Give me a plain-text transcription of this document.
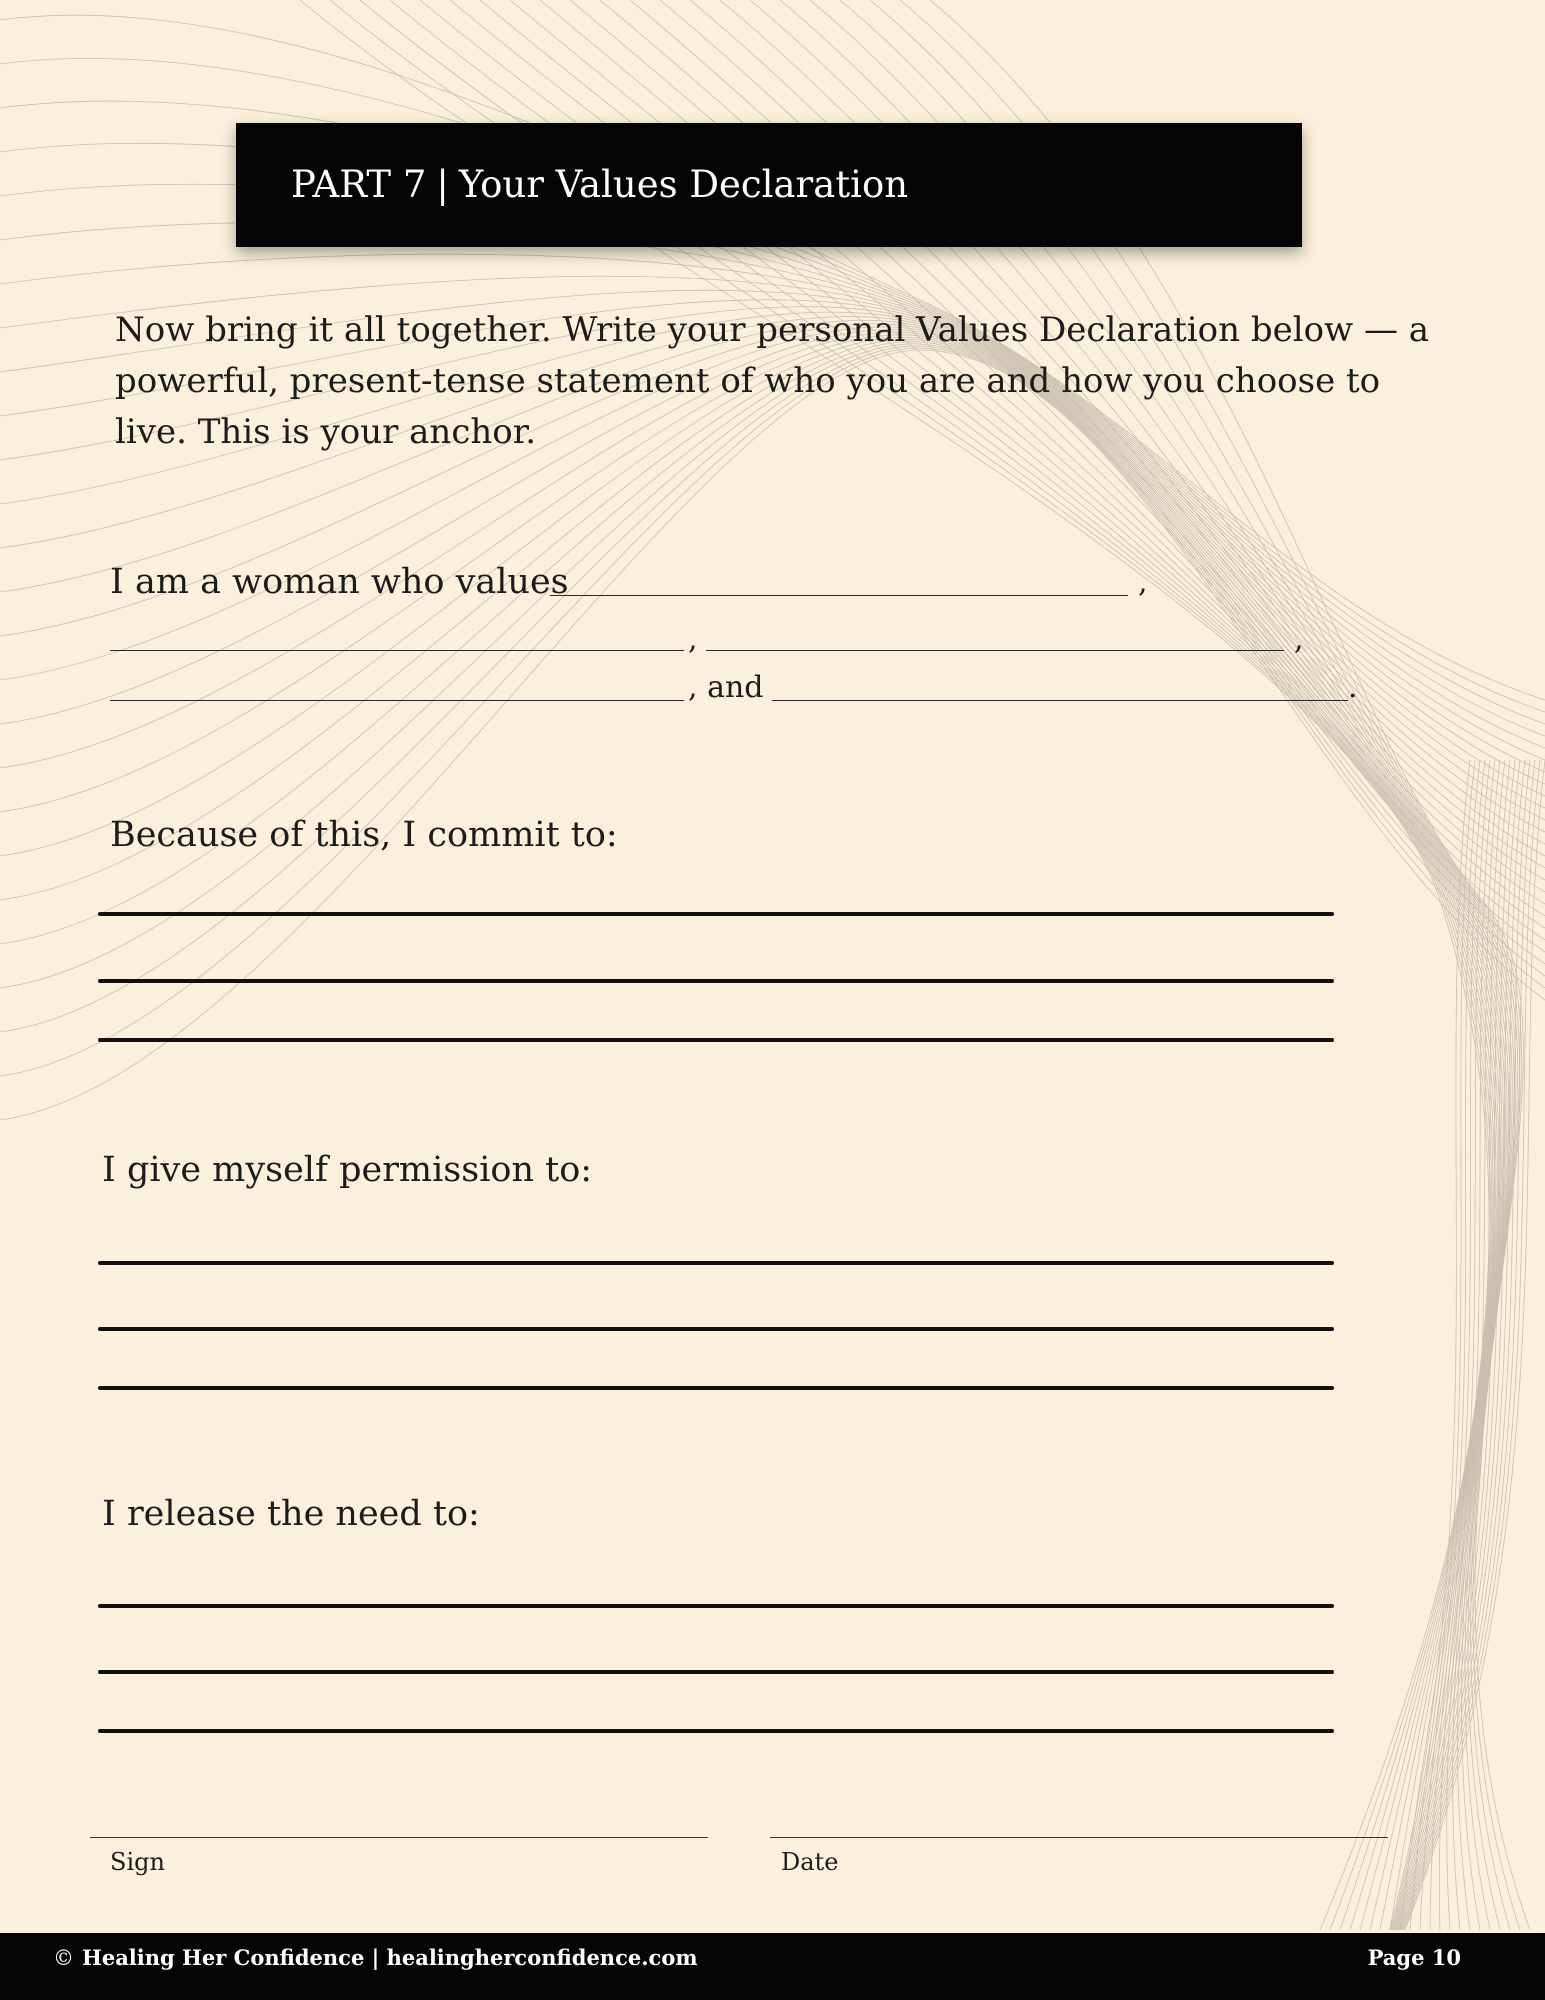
PART 7 | Your Values Declaration

Now bring it all together. Write your personal Values Declaration below — a powerful, present-tense statement of who you are and how you choose to live. This is your anchor.

I am a woman who values	,
,	,
, and	.
Because of this, I commit to:
I give myself permission to:
I release the need to:
Sign	Date
© Healing Her Confidence | healingherconfidence.com	Page 10
